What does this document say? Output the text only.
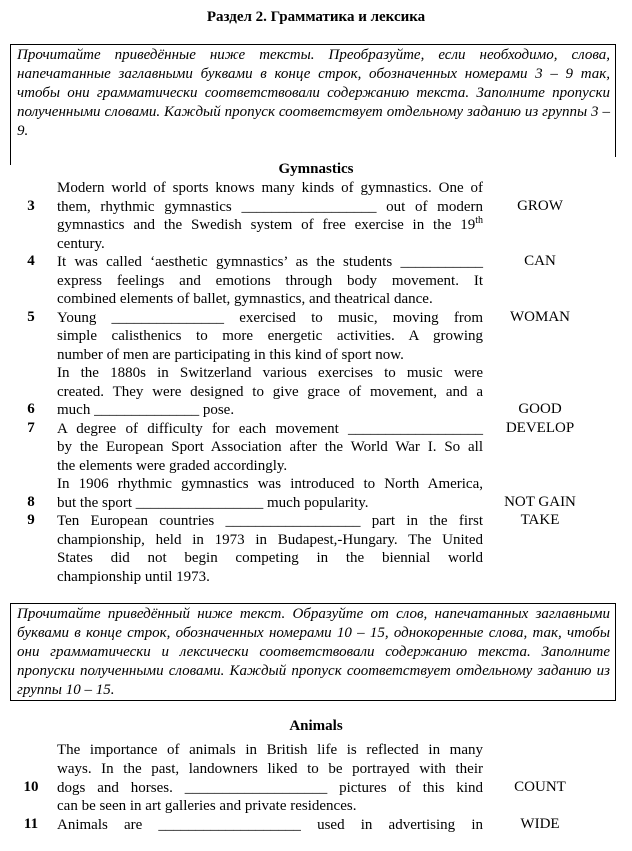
Раздел 2. Грамматика и лексика
Прочитайте приведённые ниже тексты. Преобразуйте, если необходимо, слова, напечатанные заглавными буквами в конце строк, обозначенных номерами 3 – 9 так, чтобы они грамматически соответствовали содержанию текста. Заполните пропуски полученными словами. Каждый пропуск соответствует отдельному заданию из группы 3 – 9.
Gymnastics
Modern world of sports knows many kinds of gymnastics. One of
them, rhythmic gymnastics __________________ out of modern
3	GROW
gymnastics and the Swedish system of free exercise in the 19th
century.
It was called ‘aesthetic gymnastics’ as the students ___________
4	CAN
express feelings and emotions through body movement. It
combined elements of ballet, gymnastics, and theatrical dance.
Young _______________ exercised to music, moving from
5	WOMAN
simple calisthenics to more energetic activities. A growing
number of men are participating in this kind of sport now.
In the 1880s in Switzerland various exercises to music were
created. They were designed to give grace of movement, and a
much ______________ pose.
6	GOOD
A degree of difficulty for each movement __________________
7	DEVELOP
by the European Sport Association after the World War I. So all
the elements were graded accordingly.
In 1906 rhythmic gymnastics was introduced to North America,
but the sport _________________ much popularity.
8	NOT GAIN
Ten European countries __________________ part in the first
9	TAKE
championship, held in 1973 in Budapest,-Hungary. The United
States did not begin competing in the biennial world
championship until 1973.
Прочитайте приведённый ниже текст. Образуйте от слов, напечатанных заглавными буквами в конце строк, обозначенных номерами 10 – 15, однокоренные слова, так, чтобы они грамматически и лексически соответствовали содержанию текста. Заполните пропуски полученными словами. Каждый пропуск соответствует отдельному заданию из группы 10 – 15.
Animals
The importance of animals in British life is reflected in many
ways. In the past, landowners liked to be portrayed with their
dogs and horses. ___________________ pictures of this kind
10	COUNT
can be seen in art galleries and private residences.
Animals are ___________________ used in advertising in
11	WIDE
